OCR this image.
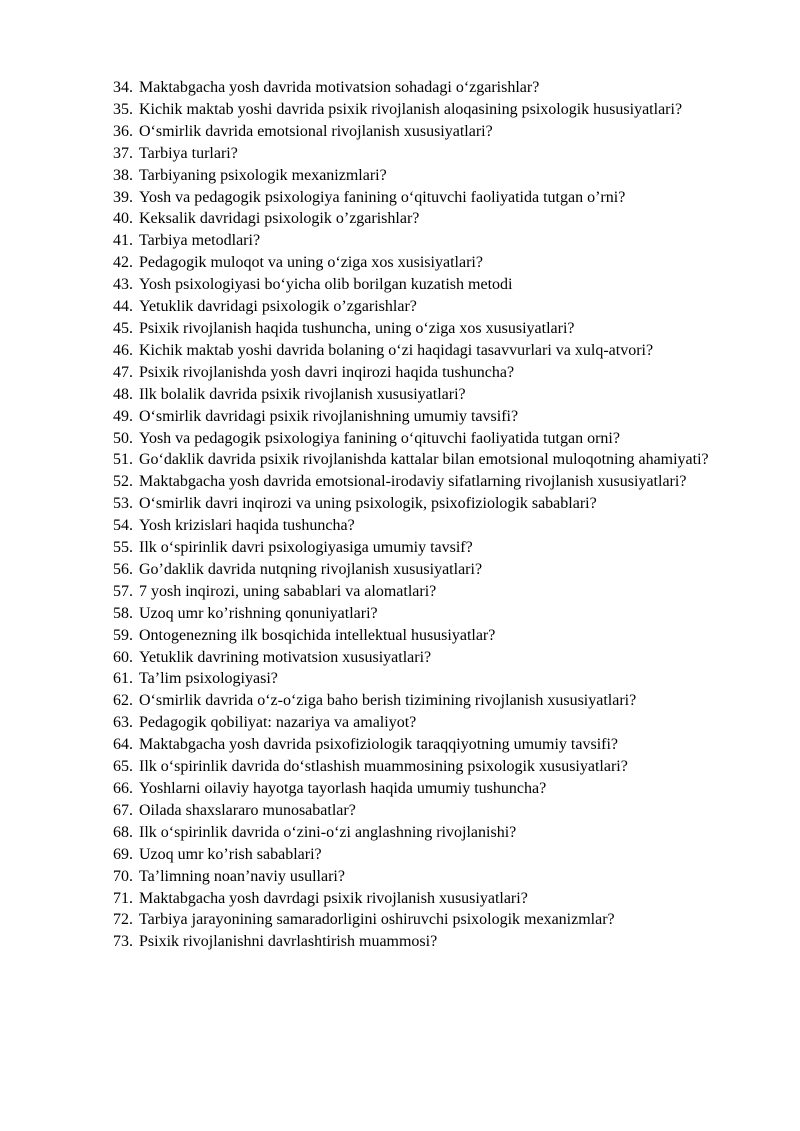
34. Maktabgacha yosh davrida motivatsion sohadagi o‘zgarishlar?
35. Kichik maktab yoshi davrida psixik rivojlanish aloqasining psixologik hususiyatlari?
36. O‘smirlik davrida emotsional rivojlanish xususiyatlari?
37. Tarbiya turlari?
38. Tarbiyaning psixologik mexanizmlari?
39. Yosh va pedagogik psixologiya fanining o‘qituvchi faoliyatida tutgan o’rni?
40. Keksalik davridagi psixologik o’zgarishlar?
41. Tarbiya metodlari?
42. Pedagogik muloqot va uning o‘ziga xos xusisiyatlari?
43. Yosh psixologiyasi bo‘yicha olib borilgan kuzatish metodi
44. Yetuklik davridagi psixologik o’zgarishlar?
45. Psixik rivojlanish haqida tushuncha, uning o‘ziga xos xususiyatlari?
46. Kichik maktab yoshi davrida bolaning o‘zi haqidagi tasavvurlari va xulq-atvori?
47. Psixik rivojlanishda yosh davri inqirozi haqida tushuncha?
48. Ilk bolalik davrida psixik rivojlanish xususiyatlari?
49. O‘smirlik davridagi psixik rivojlanishning umumiy tavsifi?
50. Yosh va pedagogik psixologiya fanining o‘qituvchi faoliyatida tutgan orni?
51. Go‘daklik davrida psixik rivojlanishda kattalar bilan emotsional muloqotning ahamiyati?
52. Maktabgacha yosh davrida emotsional-irodaviy sifatlarning rivojlanish xususiyatlari?
53. O‘smirlik davri inqirozi va uning psixologik, psixofiziologik sabablari?
54. Yosh krizislari haqida tushuncha?
55. Ilk o‘spirinlik davri psixologiyasiga umumiy tavsif?
56. Go’daklik davrida nutqning rivojlanish xususiyatlari?
57. 7 yosh inqirozi, uning sabablari va alomatlari?
58. Uzoq umr ko’rishning qonuniyatlari?
59. Ontogenezning ilk bosqichida intellektual hususiyatlar?
60. Yetuklik davrining motivatsion xususiyatlari?
61. Ta’lim psixologiyasi?
62. O‘smirlik davrida o‘z-o‘ziga baho berish tizimining rivojlanish xususiyatlari?
63. Pedagogik qobiliyat: nazariya va amaliyot?
64. Maktabgacha yosh davrida psixofiziologik taraqqiyotning umumiy tavsifi?
65. Ilk o‘spirinlik davrida do‘stlashish muammosining psixologik xususiyatlari?
66. Yoshlarni oilaviy hayotga tayorlash haqida umumiy tushuncha?
67. Oilada shaxslararo munosabatlar?
68. Ilk o‘spirinlik davrida o‘zini-o‘zi anglashning rivojlanishi?
69. Uzoq umr ko’rish sabablari?
70. Ta’limning noan’naviy usullari?
71. Maktabgacha yosh davrdagi psixik rivojlanish xususiyatlari?
72. Tarbiya jarayonining samaradorligini oshiruvchi psixologik mexanizmlar?
73. Psixik rivojlanishni davrlashtirish muammosi?
